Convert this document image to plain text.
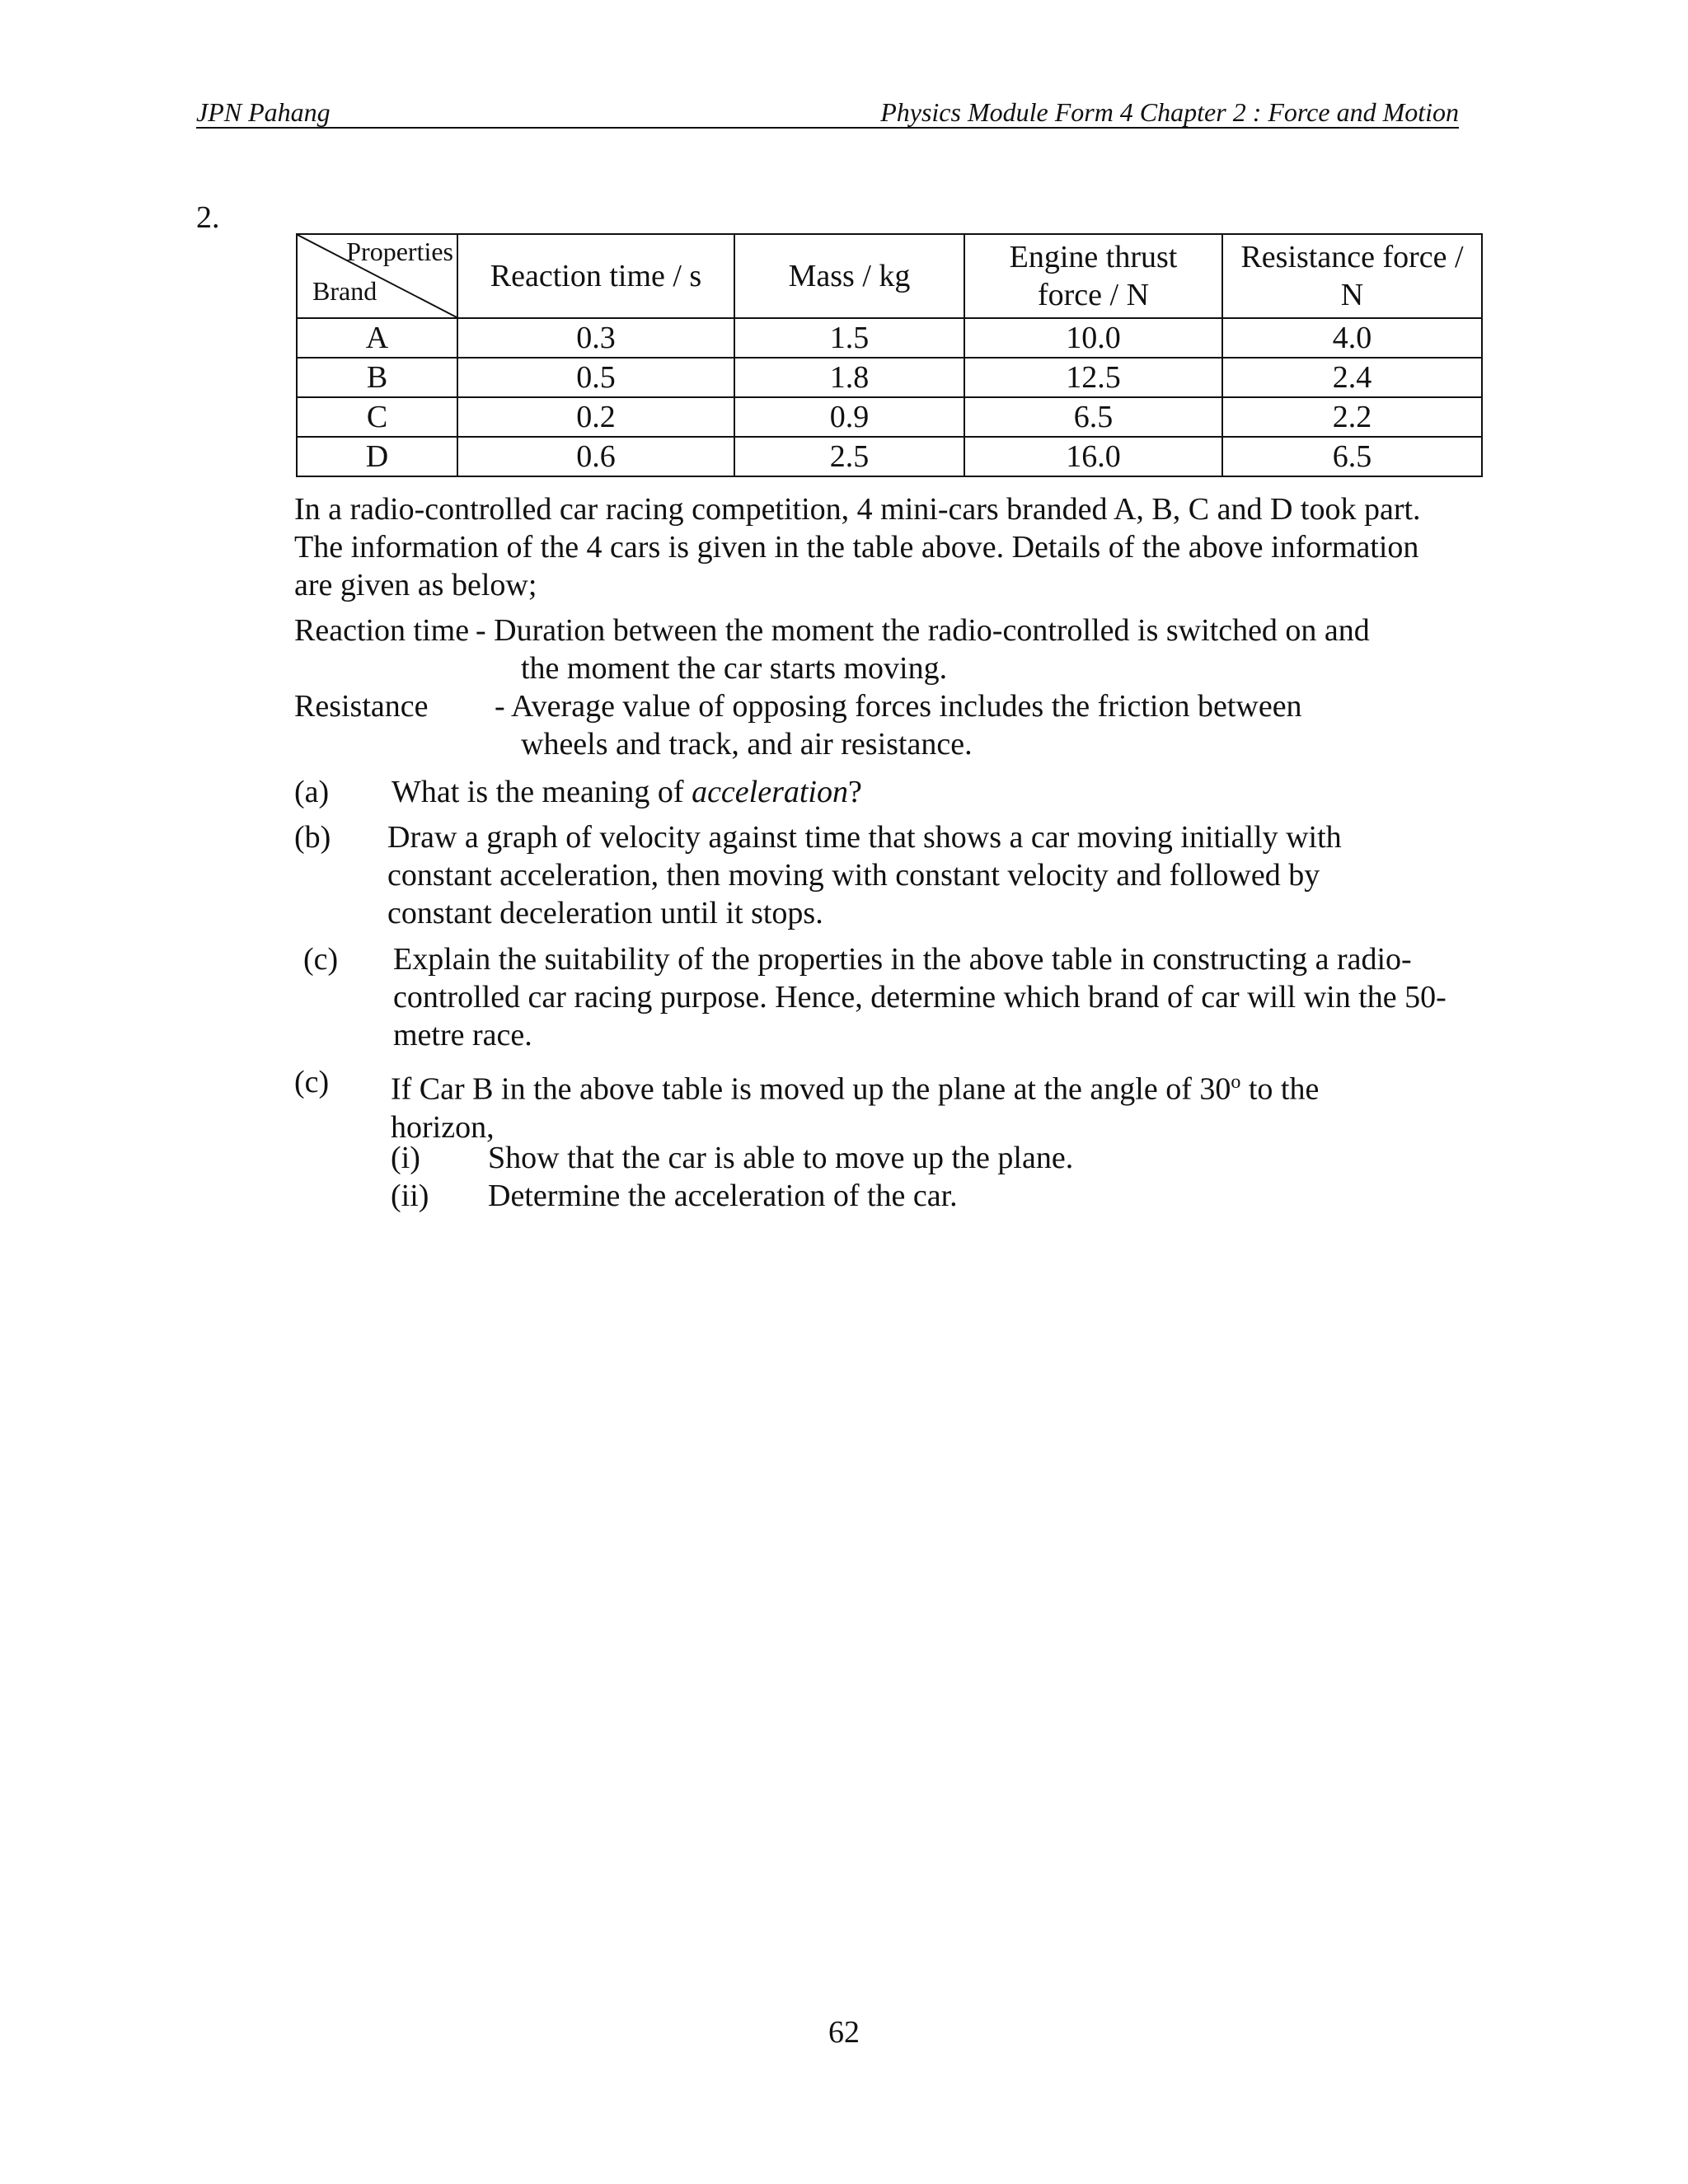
JPN Pahang	Physics Module Form 4 Chapter 2 : Force and Motion
2.
Properties
Brand	Reaction time / s	Mass / kg	Engine thrust force / N	Resistance force / N
A	0.3	1.5	10.0	4.0
B	0.5	1.8	12.5	2.4
C	0.2	0.9	6.5	2.2
D	0.6	2.5	16.0	6.5
In a radio-controlled car racing competition, 4 mini-cars branded A, B, C and D took part. The information of the 4 cars is given in the table above. Details of the above information are given as below;
Reaction time - Duration between the moment the radio-controlled is switched on and
the moment the car starts moving.
Resistance - Average value of opposing forces includes the friction between
wheels and track, and air resistance.
(a) What is the meaning of acceleration?
(b) Draw a graph of velocity against time that shows a car moving initially with constant acceleration, then moving with constant velocity and followed by constant deceleration until it stops.
(c) Explain the suitability of the properties in the above table in constructing a radio-controlled car racing purpose. Hence, determine which brand of car will win the 50-metre race.
(c) If Car B in the above table is moved up the plane at the angle of 30$^o$ to the horizon,
(i) Show that the car is able to move up the plane.
(ii) Determine the acceleration of the car.
62
